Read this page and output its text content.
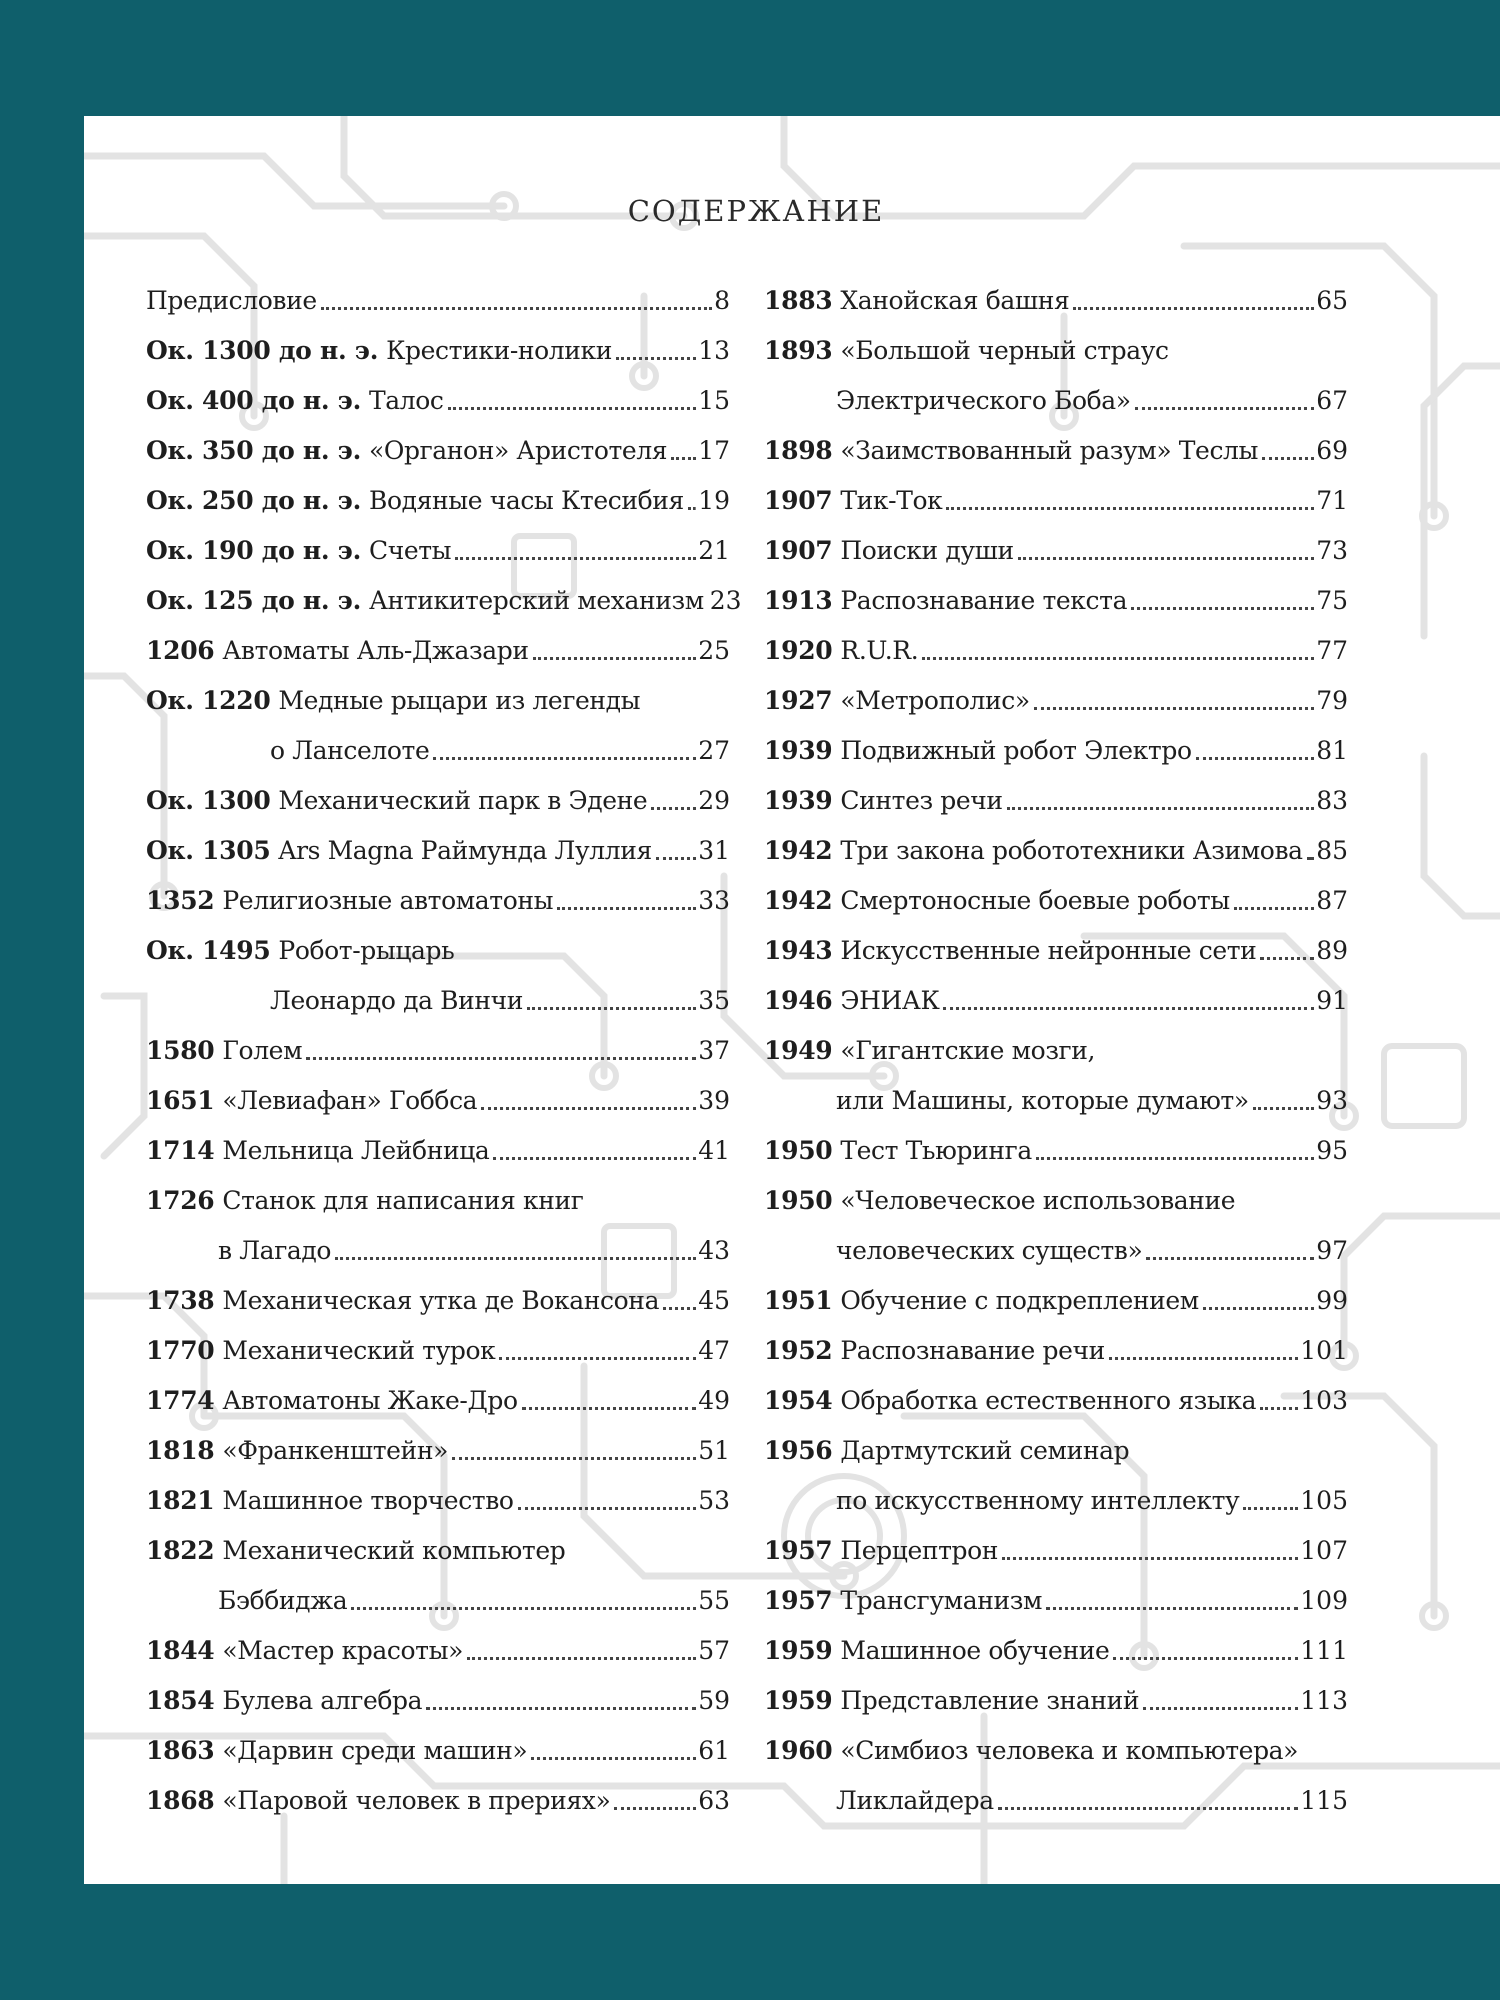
СОДЕРЖАНИЕ
Предисловие	8
Ок. 1300 до н. э. Крестики-нолики	13
Ок. 400 до н. э. Талос	15
Ок. 350 до н. э. «Органон» Аристотеля 17
Ок. 250 до н. э. Водяные часы Ктесибия 19
Ок. 190 до н. э. Счеты	21
Ок. 125 до н. э. Антикитерский механизм 23
1206 Автоматы Аль-Джазари	25
Ок. 1220 Медные рыцари из легенды
о Ланселоте	27
Ок. 1300 Механический парк в Эдене 29
Ок. 1305 Ars Magna Раймунда Луллия 31
1352 Религиозные автоматоны	33
Ок. 1495 Робот-рыцарь
Леонардо да Винчи	35
1580 Голем	37
1651 «Левиафан» Гоббса	39
1714 Мельница Лейбница	41
1726 Станок для написания книг
в Лагадо	43
1738 Механическая утка де Вокансона 45
1770 Механический турок	47
1774 Автоматоны Жаке-Дро	49
1818 «Франкенштейн»	51
1821 Машинное творчество	53
1822 Механический компьютер
Бэббиджа	55
1844 «Мастер красоты»	57
1854 Булева алгебра	59
1863 «Дарвин среди машин»	61
1868 «Паровой человек в прериях»	63
1883 Ханойская башня	65
1893 «Большой черный страус
Электрического Боба»	67
1898 «Заимствованный разум» Теслы 69
1907 Тик-Ток	71
1907 Поиски души	73
1913 Распознавание текста	75
1920 R.U.R.	77
1927 «Метрополис»	79
1939 Подвижный робот Электро	81
1939 Синтез речи	83
1942 Три закона робототехники Азимова 85
1942 Смертоносные боевые роботы	87
1943 Искусственные нейронные сети 89
1946 ЭНИАК	91
1949 «Гигантские мозги,
или Машины, которые думают»	93
1950 Тест Тьюринга	95
1950 «Человеческое использование
человеческих существ»	97
1951 Обучение с подкреплением	99
1952 Распознавание речи	101
1954 Обработка естественного языка 103
1956 Дартмутский семинар
по искусственному интеллекту 105
1957 Перцептрон	107
1957 Трансгуманизм	109
1959 Машинное обучение	111
1959 Представление знаний	113
1960 «Симбиоз человека и компьютера»
Ликлайдера	115
